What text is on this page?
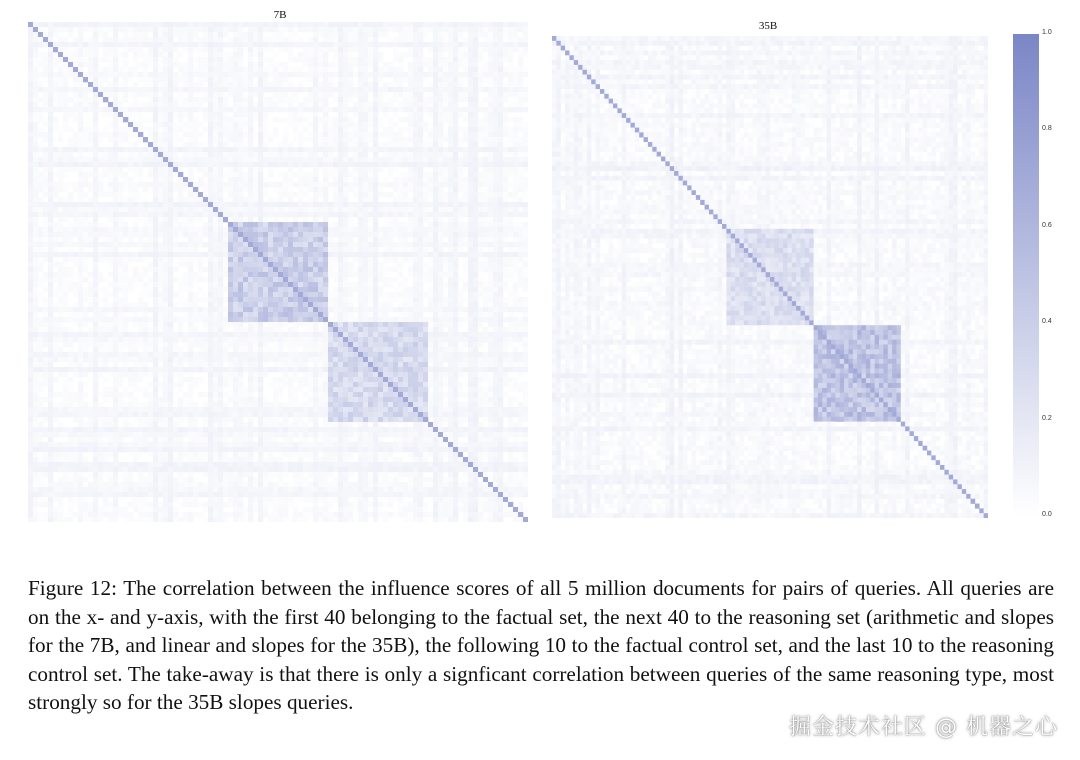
7B
35B
1.0
0.8
0.6
0.4
0.2
0.0
Figure 12: The correlation between the influence scores of all 5 million documents for pairs of queries. All queries are on the x- and y-axis, with the first 40 belonging to the factual set, the next 40 to the reasoning set (arithmetic and slopes for the 7B, and linear and slopes for the 35B), the following 10 to the factual control set, and the last 10 to the reasoning control set. The take-away is that there is only a signficant correlation between queries of the same reasoning type, most strongly so for the 35B slopes queries.
掘金技术社区 @ 机器之心
